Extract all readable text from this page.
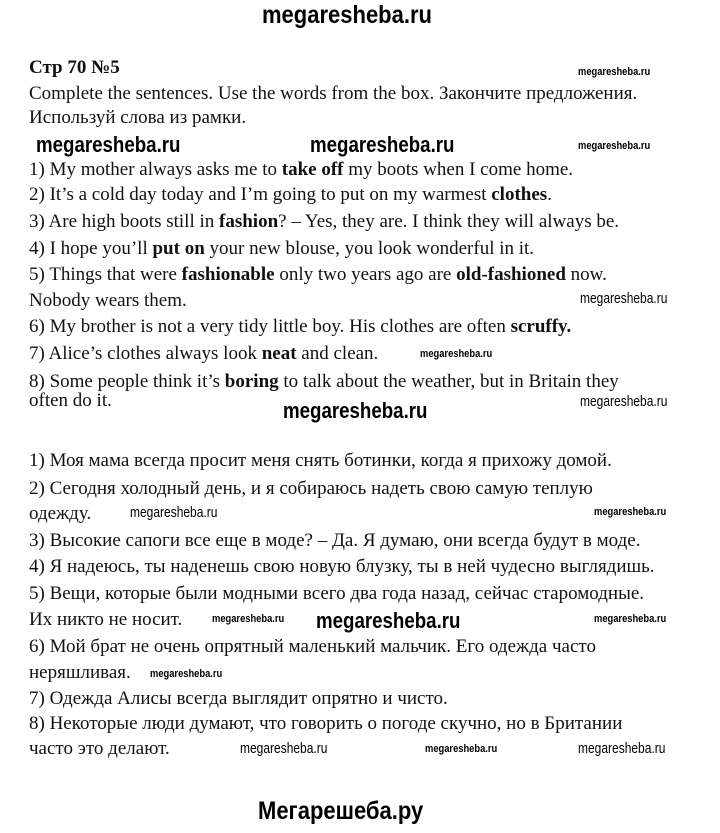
megaresheba.ru
Стр 70 №5
Complete the sentences. Use the words from the box. Закончите предложения.
Используй слова из рамки.
1) My mother always asks me to take off my boots when I come home.
2) It’s a cold day today and I’m going to put on my warmest clothes.
3) Are high boots still in fashion? – Yes, they are. I think they will always be.
4) I hope you’ll put on your new blouse, you look wonderful in it.
5) Things that were fashionable only two years ago are old-fashioned now.
Nobody wears them.
6) My brother is not a very tidy little boy. His clothes are often scruffy.
7) Alice’s clothes always look neat and clean.
8) Some people think it’s boring to talk about the weather, but in Britain they
often do it.
1) Моя мама всегда просит меня снять ботинки, когда я прихожу домой.
2) Сегодня холодный день, и я собираюсь надеть свою самую теплую
одежду.
3) Высокие сапоги все еще в моде? – Да. Я думаю, они всегда будут в моде.
4) Я надеюсь, ты наденешь свою новую блузку, ты в ней чудесно выглядишь.
5) Вещи, которые были модными всего два года назад, сейчас старомодные.
Их никто не носит.
6) Мой брат не очень опрятный маленький мальчик. Его одежда часто
неряшливая.
7) Одежда Алисы всегда выглядит опрятно и чисто.
8) Некоторые люди думают, что говорить о погоде скучно, но в Британии
часто это делают.
megaresheba.ru
megaresheba.ru	megaresheba.ru	megaresheba.ru
megaresheba.ru
megaresheba.ru
megaresheba.ru	megaresheba.ru
megaresheba.ru	megaresheba.ru
megaresheba.ru
megaresheba.ru megaresheba.ru
megaresheba.ru
megaresheba.ru	megaresheba.ru	megaresheba.ru
Мегарешеба.ру
